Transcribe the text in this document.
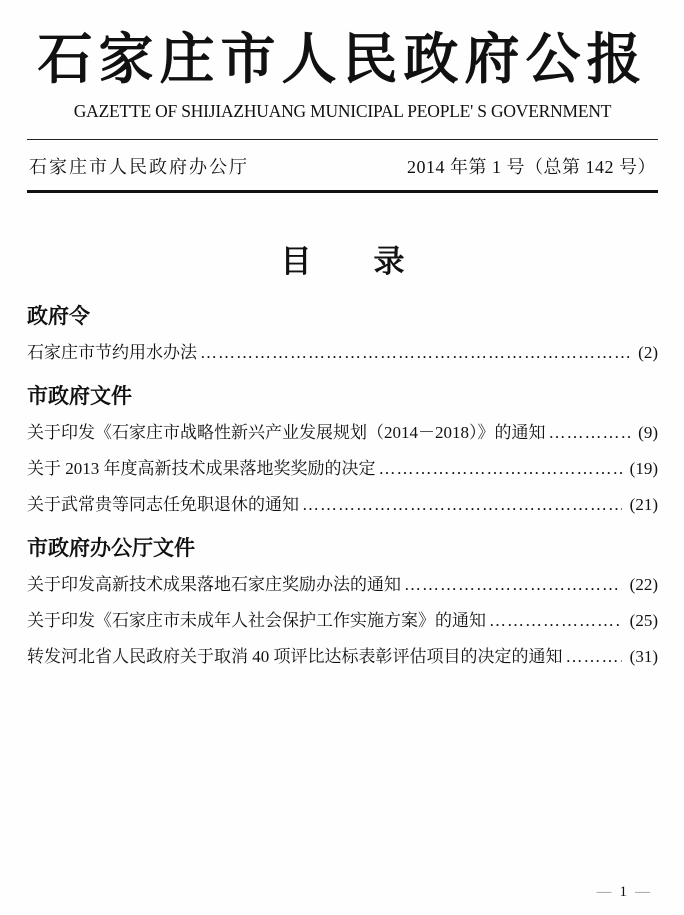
石家庄市人民政府公报
GAZETTE OF SHIJIAZHUANG MUNICIPAL PEOPLE' S GOVERNMENT
石家庄市人民政府办公厅	2014 年第 1 号（总第 142 号）
目　　录
政府令
石家庄市节约用水办法 ………………………………………………………………………………………………………………………………………………	(2)
市政府文件
关于印发《石家庄市战略性新兴产业发展规划（2014－2018）》的通知 ………………………………………………………………………………………………………………………………………………	(9)
关于 2013 年度高新技术成果落地奖奖励的决定 ………………………………………………………………………………………………………………………………………………	(19)
关于武常贵等同志任免职退休的通知 ………………………………………………………………………………………………………………………………………………	(21)
市政府办公厅文件
关于印发高新技术成果落地石家庄奖励办法的通知 ………………………………………………………………………………………………………………………………………………	(22)
关于印发《石家庄市未成年人社会保护工作实施方案》的通知 ………………………………………………………………………………………………………………………………………………	(25)
转发河北省人民政府关于取消 40 项评比达标表彰评估项目的决定的通知 ………………………………………………………………………………………………………………………………………………	(31)
— 1 —
